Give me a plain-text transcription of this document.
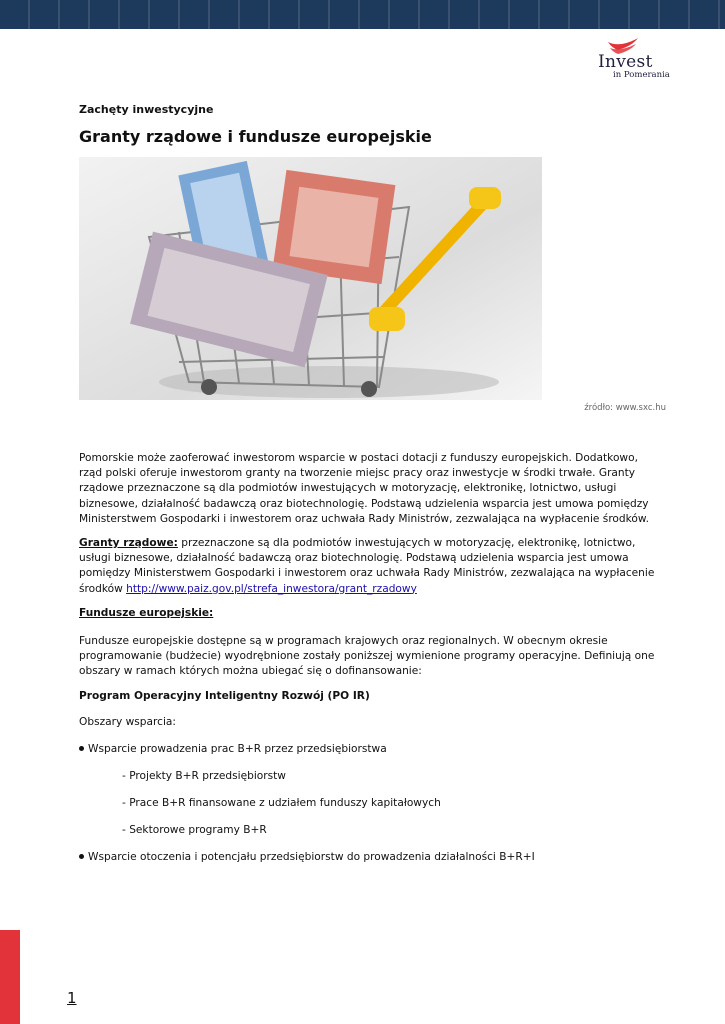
Invest
in Pomerania
Zachęty inwestycyjne
Granty rządowe i fundusze europejskie
źródło: www.sxc.hu

Pomorskie może zaoferować inwestorom wsparcie w postaci dotacji z funduszy europejskich. Dodatkowo, rząd polski oferuje inwestorom granty na tworzenie miejsc pracy oraz inwestycje w środki trwałe. Granty rządowe przeznaczone są dla podmiotów inwestujących w motoryzację, elektronikę, lotnictwo, usługi biznesowe, działalność badawczą oraz biotechnologię. Podstawą udzielenia wsparcia jest umowa pomiędzy Ministerstwem Gospodarki i inwestorem oraz uchwała Rady Ministrów, zezwalająca na wypłacenie środków.

Granty rządowe: przeznaczone są dla podmiotów inwestujących w motoryzację, elektronikę, lotnictwo, usługi biznesowe, działalność badawczą oraz biotechnologię. Podstawą udzielenia wsparcia jest umowa pomiędzy Ministerstwem Gospodarki i inwestorem oraz uchwała Rady Ministrów, zezwalająca na wypłacenie środków http://www.paiz.gov.pl/strefa_inwestora/grant_rzadowy

Fundusze europejskie:

Fundusze europejskie dostępne są w programach krajowych oraz regionalnych. W obecnym okresie programowanie (budżecie) wyodrębnione zostały poniższej wymienione programy operacyjne. Definiują one obszary w ramach których można ubiegać się o dofinansowanie:

Program Operacyjny Inteligentny Rozwój (PO IR)
Obszary wsparcia:
Wsparcie prowadzenia prac B+R przez przedsiębiorstwa
- Projekty B+R przedsiębiorstw
- Prace B+R finansowane z udziałem funduszy kapitałowych
- Sektorowe programy B+R
Wsparcie otoczenia i potencjału przedsiębiorstw do prowadzenia działalności B+R+I
1
